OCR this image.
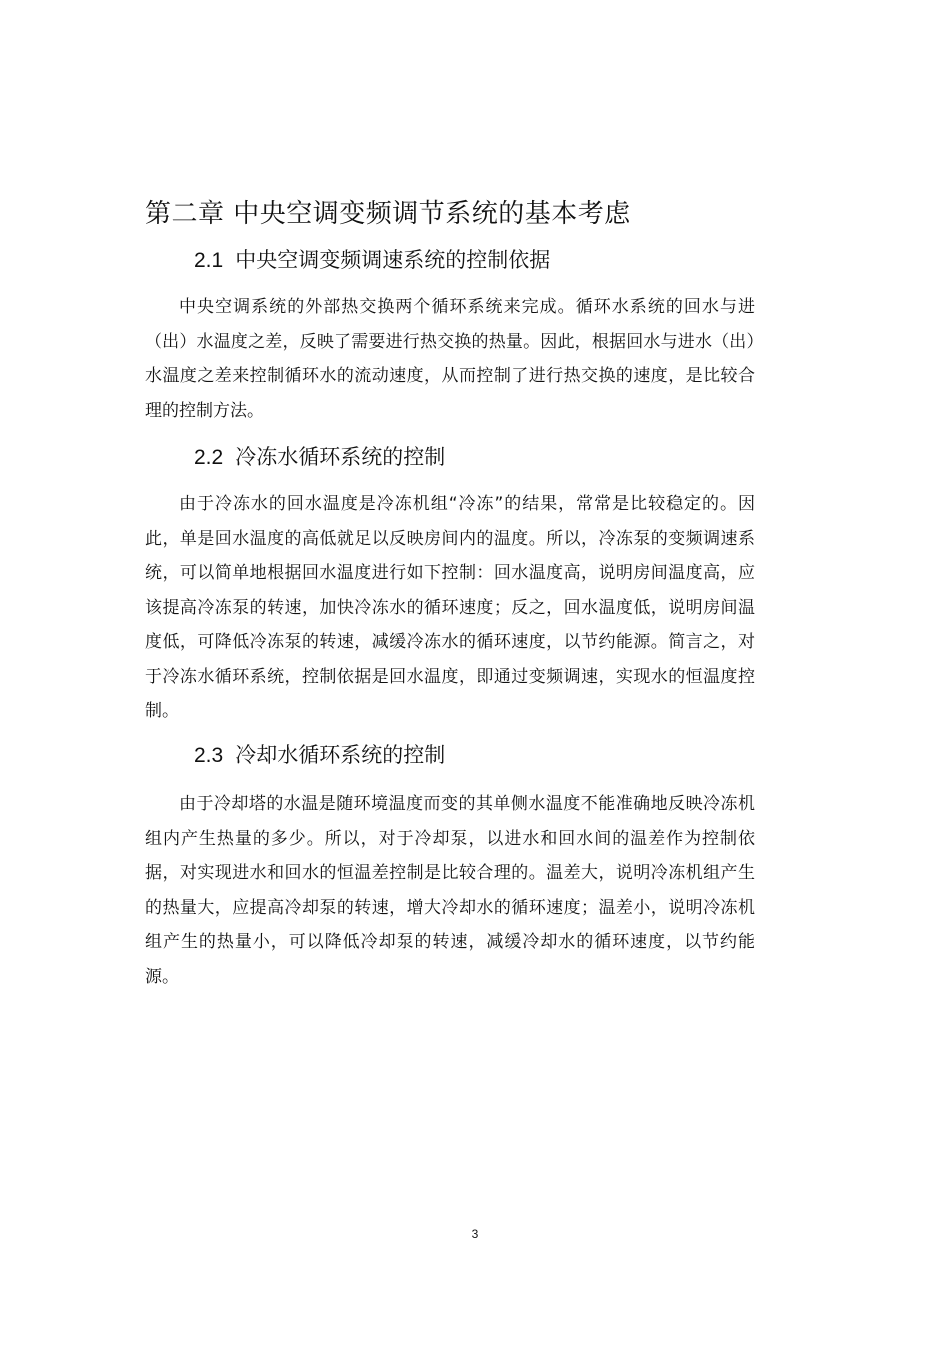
第二章 中央空调变频调节系统的基本考虑
2.1 中央空调变频调速系统的控制依据

中央空调系统的外部热交换两个循环系统来完成。循环水系统的回水与进（出）水温度之差，反映了需要进行热交换的热量。因此，根据回水与进水（出）水温度之差来控制循环水的流动速度，从而控制了进行热交换的速度，是比较合理的控制方法。

2.2 冷冻水循环系统的控制

由于冷冻水的回水温度是冷冻机组“冷冻”的结果，常常是比较稳定的。因此，单是回水温度的高低就足以反映房间内的温度。所以，冷冻泵的变频调速系统，可以简单地根据回水温度进行如下控制：回水温度高，说明房间温度高，应该提高冷冻泵的转速，加快冷冻水的循环速度；反之，回水温度低，说明房间温度低，可降低冷冻泵的转速，减缓冷冻水的循环速度，以节约能源。简言之，对于冷冻水循环系统，控制依据是回水温度，即通过变频调速，实现水的恒温度控制。

2.3 冷却水循环系统的控制

由于冷却塔的水温是随环境温度而变的其单侧水温度不能准确地反映冷冻机组内产生热量的多少。所以，对于冷却泵，以进水和回水间的温差作为控制依据，对实现进水和回水的恒温差控制是比较合理的。温差大，说明冷冻机组产生的热量大，应提高冷却泵的转速，增大冷却水的循环速度；温差小，说明冷冻机组产生的热量小，可以降低冷却泵的转速，减缓冷却水的循环速度，以节约能源。

3
